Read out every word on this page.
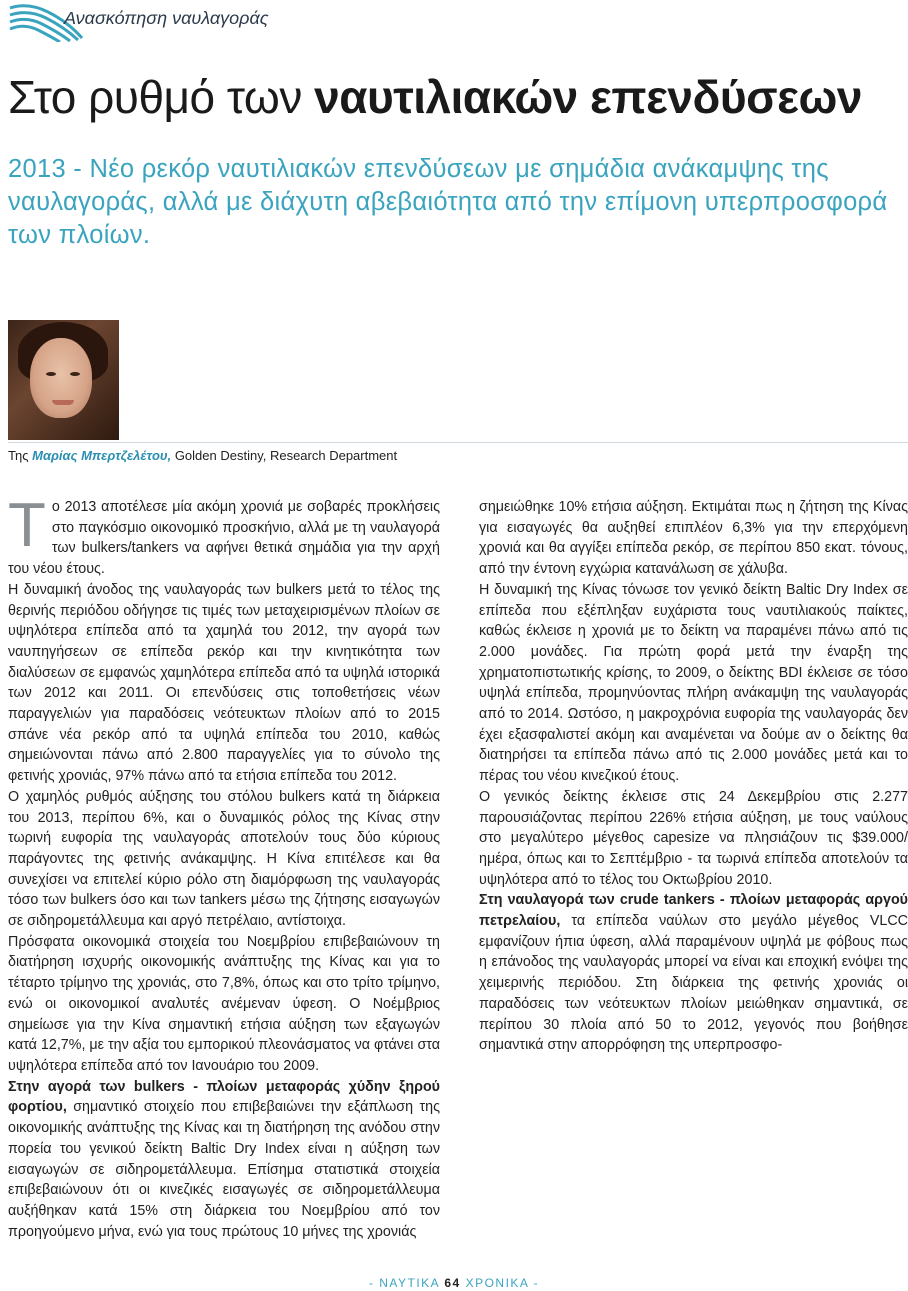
Ανασκόπηση ναυλαγοράς
Στο ρυθμό των ναυτιλιακών επενδύσεων
2013 - Νέο ρεκόρ ναυτιλιακών επενδύσεων με σημάδια ανάκαμψης της ναυλαγοράς, αλλά με διάχυτη αβεβαιότητα από την επίμονη υπερπροσφορά των πλοίων.
Της Μαρίας Μπερτζελέτου, Golden Destiny, Research Department

Το 2013 αποτέλεσε μία ακόμη χρονιά με σοβαρές προκλήσεις στο παγκόσμιο οικονομικό προσκήνιο, αλλά με τη ναυλαγορά των bulkers/tankers να αφήνει θετικά σημάδια για την αρχή του νέου έτους.

Η δυναμική άνοδος της ναυλαγοράς των bulkers μετά το τέλος της θερινής περιόδου οδήγησε τις τιμές των μεταχειρισμένων πλοίων σε υψηλότερα επίπεδα από τα χαμηλά του 2012, την αγορά των ναυπηγήσεων σε επίπεδα ρεκόρ και την κινητικότητα των διαλύσεων σε εμφανώς χαμηλότερα επίπεδα από τα υψηλά ιστορικά των 2012 και 2011. Οι επενδύσεις στις τοποθετήσεις νέων παραγγελιών για παραδόσεις νεότευκτων πλοίων από το 2015 σπάνε νέα ρεκόρ από τα υψηλά επίπεδα του 2010, καθώς σημειώνονται πάνω από 2.800 παραγγελίες για το σύνολο της φετινής χρονιάς, 97% πάνω από τα ετήσια επίπεδα του 2012.

Ο χαμηλός ρυθμός αύξησης του στόλου bulkers κατά τη διάρκεια του 2013, περίπου 6%, και ο δυναμικός ρόλος της Κίνας στην τωρινή ευφορία της ναυλαγοράς αποτελούν τους δύο κύριους παράγοντες της φετινής ανάκαμψης. Η Κίνα επιτέλεσε και θα συνεχίσει να επιτελεί κύριο ρόλο στη διαμόρφωση της ναυλαγοράς τόσο των bulkers όσο και των tankers μέσω της ζήτησης εισαγωγών σε σιδηρομετάλλευμα και αργό πετρέλαιο, αντίστοιχα.

Πρόσφατα οικονομικά στοιχεία του Νοεμβρίου επιβεβαιώνουν τη διατήρηση ισχυρής οικονομικής ανάπτυξης της Κίνας και για το τέταρτο τρίμηνο της χρονιάς, στο 7,8%, όπως και στο τρίτο τρίμηνο, ενώ οι οικονομικοί αναλυτές ανέμεναν ύφεση. Ο Νοέμβριος σημείωσε για την Κίνα σημαντική ετήσια αύξηση των εξαγωγών κατά 12,7%, με την αξία του εμπορικού πλεονάσματος να φτάνει στα υψηλότερα επίπεδα από τον Ιανουάριο του 2009.

Στην αγορά των bulkers - πλοίων μεταφοράς χύδην ξηρού φορτίου, σημαντικό στοιχείο που επιβεβαιώνει την εξάπλωση της οικονομικής ανάπτυξης της Κίνας και τη διατήρηση της ανόδου στην πορεία του γενικού δείκτη Baltic Dry Index είναι η αύξηση των εισαγωγών σε σιδηρομετάλλευμα. Επίσημα στατιστικά στοιχεία επιβεβαιώνουν ότι οι κινεζικές εισαγωγές σε σιδηρομετάλλευμα αυξήθηκαν κατά 15% στη διάρκεια του Νοεμβρίου από τον προηγούμενο μήνα, ενώ για τους πρώτους 10 μήνες της χρονιάς

σημειώθηκε 10% ετήσια αύξηση. Εκτιμάται πως η ζήτηση της Κίνας για εισαγωγές θα αυξηθεί επιπλέον 6,3% για την επερχόμενη χρονιά και θα αγγίξει επίπεδα ρεκόρ, σε περίπου 850 εκατ. τόνους, από την έντονη εγχώρια κατανάλωση σε χάλυβα.

Η δυναμική της Κίνας τόνωσε τον γενικό δείκτη Baltic Dry Index σε επίπεδα που εξέπληξαν ευχάριστα τους ναυτιλιακούς παίκτες, καθώς έκλεισε η χρονιά με το δείκτη να παραμένει πάνω από τις 2.000 μονάδες. Για πρώτη φορά μετά την έναρξη της χρηματοπιστωτικής κρίσης, το 2009, ο δείκτης BDI έκλεισε σε τόσο υψηλά επίπεδα, προμηνύοντας πλήρη ανάκαμψη της ναυλαγοράς από το 2014. Ωστόσο, η μακροχρόνια ευφορία της ναυλαγοράς δεν έχει εξασφαλιστεί ακόμη και αναμένεται να δούμε αν ο δείκτης θα διατηρήσει τα επίπεδα πάνω από τις 2.000 μονάδες μετά και το πέρας του νέου κινεζικού έτους.

Ο γενικός δείκτης έκλεισε στις 24 Δεκεμβρίου στις 2.277 παρουσιάζοντας περίπου 226% ετήσια αύξηση, με τους ναύλους στο μεγαλύτερο μέγεθος capesize να πλησιάζουν τις $39.000/ημέρα, όπως και το Σεπτέμβριο - τα τωρινά επίπεδα αποτελούν τα υψηλότερα από το τέλος του Οκτωβρίου 2010.

Στη ναυλαγορά των crude tankers - πλοίων μεταφοράς αργού πετρελαίου, τα επίπεδα ναύλων στο μεγάλο μέγεθος VLCC εμφανίζουν ήπια ύφεση, αλλά παραμένουν υψηλά με φόβους πως η επάνοδος της ναυλαγοράς μπορεί να είναι και εποχική ενόψει της χειμερινής περιόδου. Στη διάρκεια της φετινής χρονιάς οι παραδόσεις των νεότευκτων πλοίων μειώθηκαν σημαντικά, σε περίπου 30 πλοία από 50 το 2012, γεγονός που βοήθησε σημαντικά στην απορρόφηση της υπερπροσφο-

- ΝΑΥΤΙΚΑ 64 ΧΡΟΝΙΚΑ -
